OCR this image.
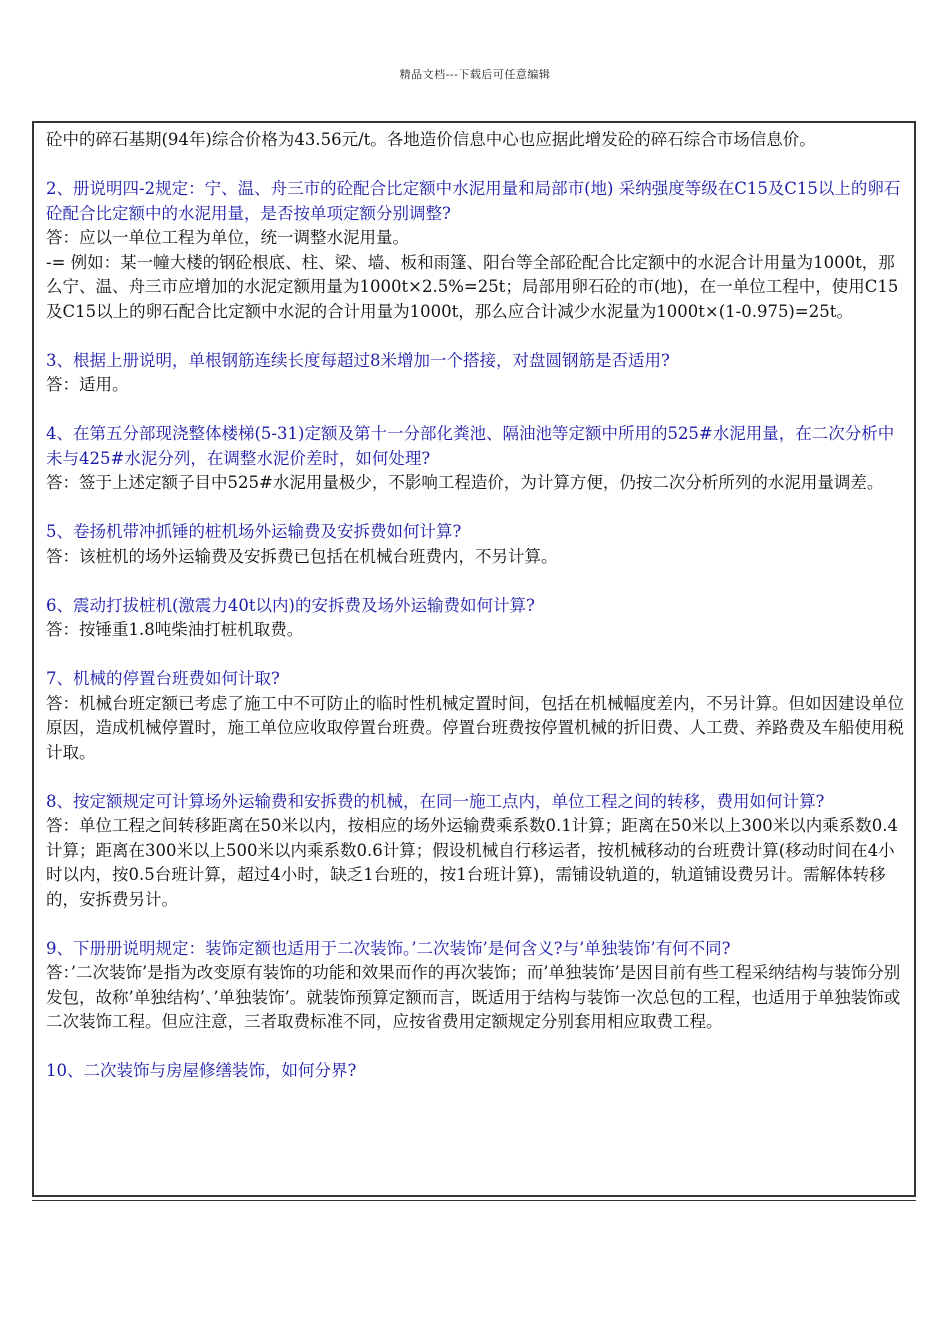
精品文档---下载后可任意编辑

砼中的碎石基期(94年)综合价格为43.56元/t。各地造价信息中心也应据此增发砼的碎石综合市场信息价。

2、册说明四-2规定：宁、温、舟三市的砼配合比定额中水泥用量和局部市(地) 采纳强度等级在C15及C15以上的卵石砼配合比定额中的水泥用量，是否按单项定额分别调整?

答：应以一单位工程为单位，统一调整水泥用量。

-= 例如：某一幢大楼的钢砼根底、柱、梁、墙、板和雨篷、阳台等全部砼配合比定额中的水泥合计用量为1000t，那么宁、温、舟三市应增加的水泥定额用量为1000t×2.5%=25t；局部用卵石砼的市(地)，在一单位工程中，使用C15及C15以上的卵石配合比定额中水泥的合计用量为1000t，那么应合计减少水泥量为1000t×(1-0.975)=25t。

3、根据上册说明，单根钢筋连续长度每超过8米增加一个搭接，对盘圆钢筋是否适用?

答：适用。

4、在第五分部现浇整体楼梯(5-31)定额及第十一分部化粪池、隔油池等定额中所用的525#水泥用量，在二次分析中未与425#水泥分列，在调整水泥价差时，如何处理?

答：签于上述定额子目中525#水泥用量极少，不影响工程造价，为计算方便，仍按二次分析所列的水泥用量调差。

5、卷扬机带冲抓锤的桩机场外运输费及安拆费如何计算?

答：该桩机的场外运输费及安拆费已包括在机械台班费内，不另计算。

6、震动打拔桩机(激震力40t以内)的安拆费及场外运输费如何计算?

答：按锤重1.8吨柴油打桩机取费。

7、机械的停置台班费如何计取?

答：机械台班定额已考虑了施工中不可防止的临时性机械定置时间，包括在机械幅度差内，不另计算。但如因建设单位原因，造成机械停置时，施工单位应收取停置台班费。停置台班费按停置机械的折旧费、人工费、养路费及车船使用税计取。

8、按定额规定可计算场外运输费和安拆费的机械，在同一施工点内，单位工程之间的转移，费用如何计算?

答：单位工程之间转移距离在50米以内，按相应的场外运输费乘系数0.1计算；距离在50米以上300米以内乘系数0.4计算；距离在300米以上500米以内乘系数0.6计算；假设机械自行移运者，按机械移动的台班费计算(移动时间在4小时以内，按0.5台班计算，超过4小时，缺乏1台班的，按1台班计算)，需铺设轨道的，轨道铺设费另计。需解体转移的，安拆费另计。

9、下册册说明规定：装饰定额也适用于二次装饰。’二次装饰’是何含义?与’单独装饰’有何不同?

答：’二次装饰’是指为改变原有装饰的功能和效果而作的再次装饰；而’单独装饰’是因目前有些工程采纳结构与装饰分别发包，故称’单独结构’、’单独装饰’。就装饰预算定额而言，既适用于结构与装饰一次总包的工程，也适用于单独装饰或二次装饰工程。但应注意，三者取费标准不同，应按省费用定额规定分别套用相应取费工程。

10、二次装饰与房屋修缮装饰，如何分界?
